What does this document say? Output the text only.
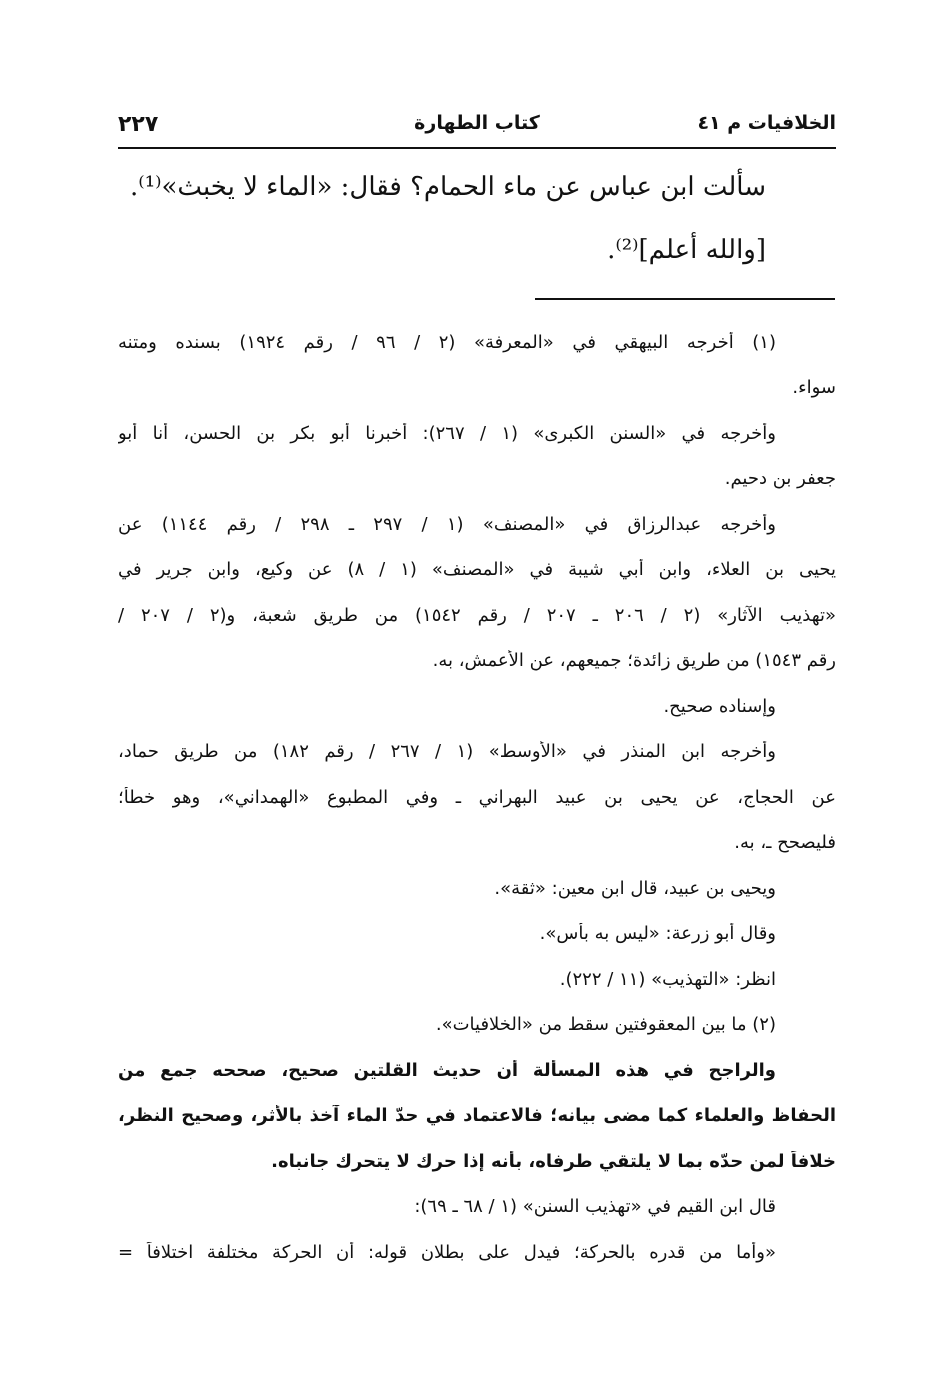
الخلافيات م ٤١
كتاب الطهارة
٢٢٧
سألت ابن عباس عن ماء الحمام؟ فقال: «الماء لا يخبث»⁽¹⁾.
[والله أعلم]⁽²⁾.
(١) أخرجه البيهقي في «المعرفة» (٢ / ٩٦ / رقم ١٩٢٤) بسنده ومتنه
سواء.
وأخرجه في «السنن الكبرى» (١ / ٢٦٧): أخبرنا أبو بكر بن الحسن، أنا أبو
جعفر بن دحيم.
وأخرجه عبدالرزاق في «المصنف» (١ / ٢٩٧ ـ ٢٩٨ / رقم ١١٤٤) عن
يحيى بن العلاء، وابن أبي شيبة في «المصنف» (١ / ٨) عن وكيع، وابن جرير في
«تهذيب الآثار» (٢ / ٢٠٦ ـ ٢٠٧ / رقم ١٥٤٢) من طريق شعبة، و(٢ / ٢٠٧ /
رقم ١٥٤٣) من طريق زائدة؛ جميعهم، عن الأعمش، به.
وإسناده صحيح.
وأخرجه ابن المنذر في «الأوسط» (١ / ٢٦٧ / رقم ١٨٢) من طريق حماد،
عن الحجاج، عن يحيى بن عبيد البهراني ـ وفي المطبوع «الهمداني»، وهو خطأ؛
فليصحح ـ، به.
ويحيى بن عبيد، قال ابن معين: «ثقة».
وقال أبو زرعة: «ليس به بأس».
انظر: «التهذيب» (١١ / ٢٢٢).
(٢) ما بين المعقوفتين سقط من «الخلافيات».
والراجح في هذه المسألة أن حديث القلتين صحيح، صححه جمع من
الحفاظ والعلماء كما مضى بيانه؛ فالاعتماد في حدّ الماء آخذ بالأثر، وصحيح النظر،
خلافاً لمن حدّه بما لا يلتقي طرفاه، بأنه إذا حرك لا يتحرك جانباه.
قال ابن القيم في «تهذيب السنن» (١ / ٦٨ ـ ٦٩):
«وأما من قدره بالحركة؛ فيدل على بطلان قوله: أن الحركة مختلفة اختلافاً =
